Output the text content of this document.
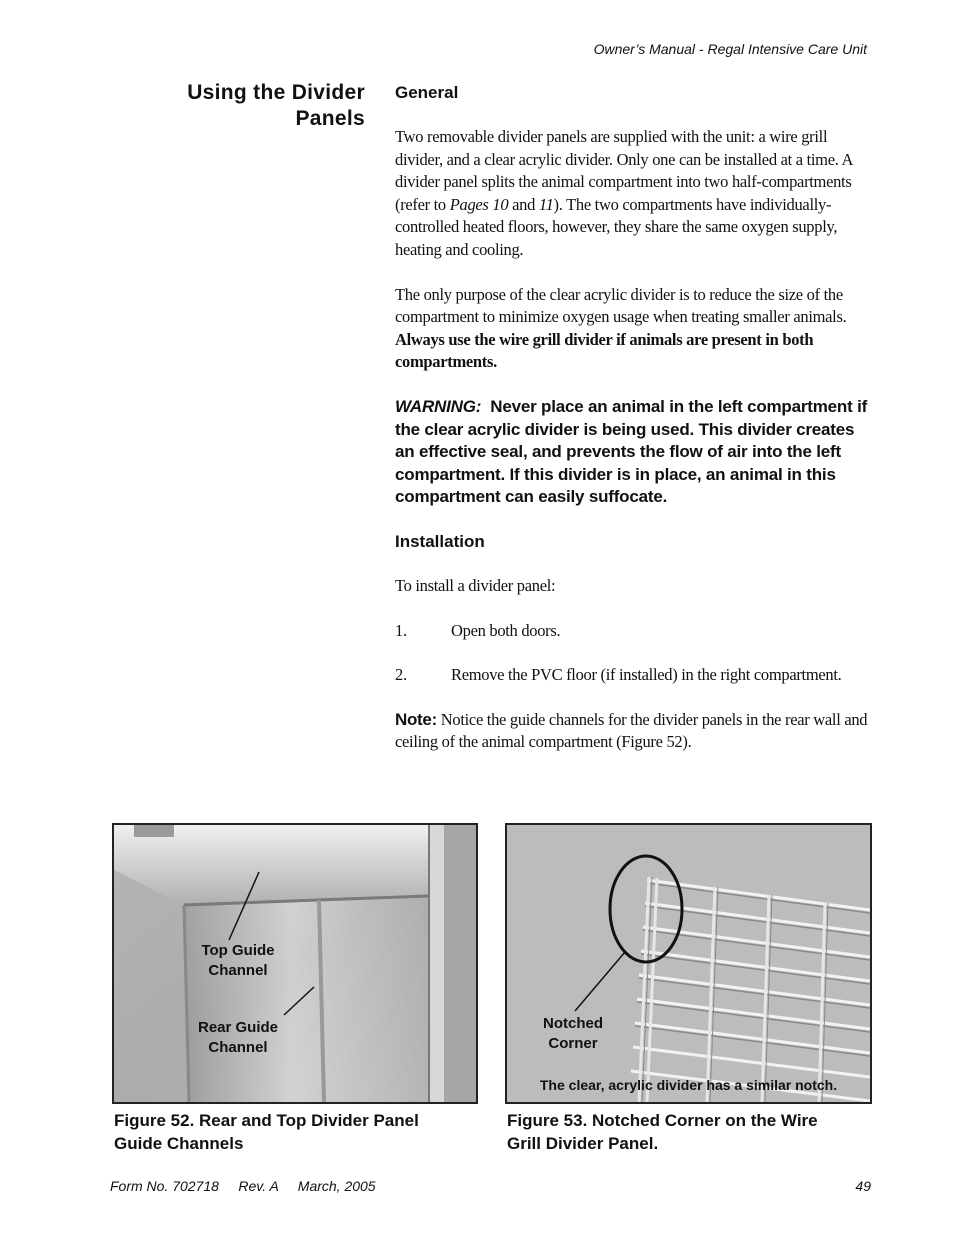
Owner’s Manual - Regal Intensive Care Unit
Using the Divider
Panels
General

Two removable divider panels are supplied with the unit: a wire grill divider, and a clear acrylic divider. Only one can be installed at a time. A divider panel splits the animal compartment into two half-compartments (refer to Pages 10 and 11). The two compartments have individually-controlled heated floors, however, they share the same oxygen supply, heating and cooling.

The only purpose of the clear acrylic divider is to reduce the size of the compartment to minimize oxygen usage when treating smaller animals. Always use the wire grill divider if animals are present in both compartments.

WARNING: Never place an animal in the left compartment if the clear acrylic divider is being used. This divider creates an effective seal, and prevents the flow of air into the left compartment. If this divider is in place, an animal in this compartment can easily suffocate.

Installation

To install a divider panel:

1.	Open both doors.
2.	Remove the PVC floor (if installed) in the right compartment.

Note: Notice the guide channels for the divider panels in the rear wall and ceiling of the animal compartment (Figure 52).

Top Guide
Channel
Rear Guide
Channel
Figure 52. Rear and Top Divider Panel
Guide Channels
Notched
Corner
The clear, acrylic divider has a similar notch.
Figure 53. Notched Corner on the Wire
Grill Divider Panel.
Form No. 702718     Rev. A     March, 2005	49
